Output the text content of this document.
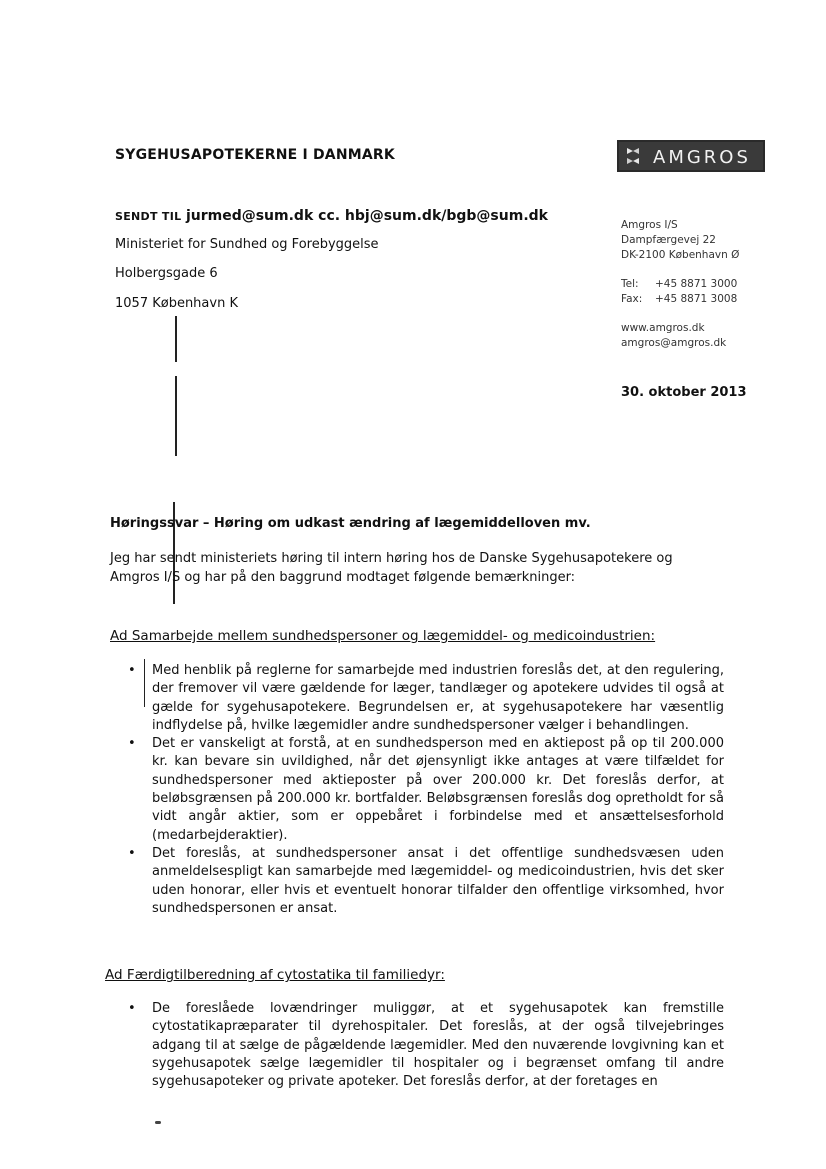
SYGEHUSAPOTEKERNE I DANMARK	AMGROS
SENDT TIL jurmed@sum.dk cc. hbj@sum.dk/bgb@sum.dk
Ministeriet for Sundhed og Forebyggelse
Holbergsgade 6
1057 København K
Amgros I/S
Dampfærgevej 22
DK-2100 København Ø
Tel:	+45 8871 3000
Fax:	+45 8871 3008
www.amgros.dk
amgros@amgros.dk
30. oktober 2013
Høringssvar – Høring om udkast ændring af lægemiddelloven mv.
Jeg har sendt ministeriets høring til intern høring hos de Danske Sygehusapotekere og Amgros I/S og har på den baggrund modtaget følgende bemærkninger:
Ad Samarbejde mellem sundhedspersoner og lægemiddel- og medicoindustrien:
• Med henblik på reglerne for samarbejde med industrien foreslås det, at den regulering, der fremover vil være gældende for læger, tandlæger og apotekere udvides til også at gælde for sygehusapotekere. Begrundelsen er, at sygehusapotekere har væsentlig indflydelse på, hvilke lægemidler andre sundhedspersoner vælger i behandlingen.
• Det er vanskeligt at forstå, at en sundhedsperson med en aktiepost på op til 200.000 kr. kan bevare sin uvildighed, når det øjensynligt ikke antages at være tilfældet for sundhedspersoner med aktieposter på over 200.000 kr. Det foreslås derfor, at beløbsgrænsen på 200.000 kr. bortfalder. Beløbsgrænsen foreslås dog opretholdt for så vidt angår aktier, som er oppebåret i forbindelse med et ansættelsesforhold (medarbejderaktier).
• Det foreslås, at sundhedspersoner ansat i det offentlige sundhedsvæsen uden anmeldelsespligt kan samarbejde med lægemiddel- og medicoindustrien, hvis det sker uden honorar, eller hvis et eventuelt honorar tilfalder den offentlige virksomhed, hvor sundhedspersonen er ansat.
Ad Færdigtilberedning af cytostatika til familiedyr:
• De foreslåede lovændringer muliggør, at et sygehusapotek kan fremstille cytostatikapræparater til dyrehospitaler. Det foreslås, at der også tilvejebringes adgang til at sælge de pågældende lægemidler. Med den nuværende lovgivning kan et sygehusapotek sælge lægemidler til hospitaler og i begrænset omfang til andre sygehusapoteker og private apoteker. Det foreslås derfor, at der foretages en
